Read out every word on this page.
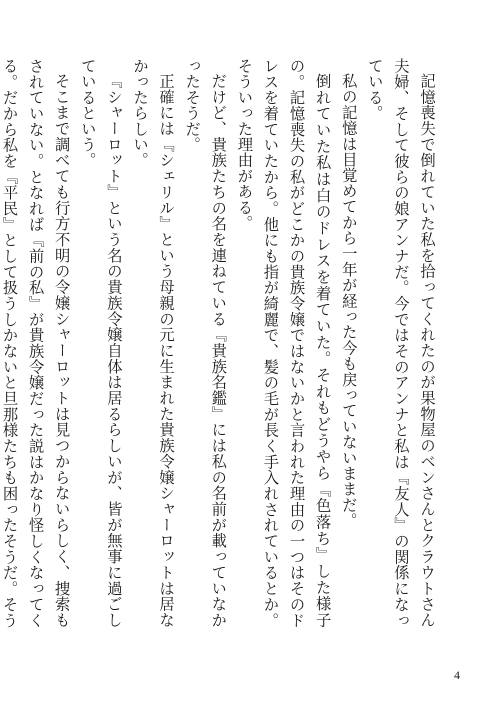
記憶喪失で倒れていた私を拾ってくれたのが果物屋のベンさんとクラウトさん夫婦、そして彼らの娘アンナだ。今ではそのアンナと私は『友人』の関係になっている。

私の記憶は目覚めてから一年が経った今も戻っていないままだ。

倒れていた私は白のドレスを着ていた。それもどうやら『色落ち』した様子の。記憶喪失の私がどこかの貴族令嬢ではないかと言われた理由の一つはそのドレスを着ていたから。他にも指が綺麗で、髪の毛が長く手入れされているとか。そういった理由がある。

だけど、貴族たちの名を連ねている『貴族名鑑』には私の名前が載っていなかったそうだ。

正確には『シェリル』という母親の元に生まれた貴族令嬢シャーロットは居なかったらしい。

『シャーロット』という名の貴族令嬢自体は居るらしいが、皆が無事に過ごしているという。

そこまで調べても行方不明の令嬢シャーロットは見つからないらしく、捜索もされていない。となれば『前の私』が貴族令嬢だった説はかなり怪しくなってくる。だから私を『平民』として扱うしかないと旦那様たちも困ったそうだ。そう

4
